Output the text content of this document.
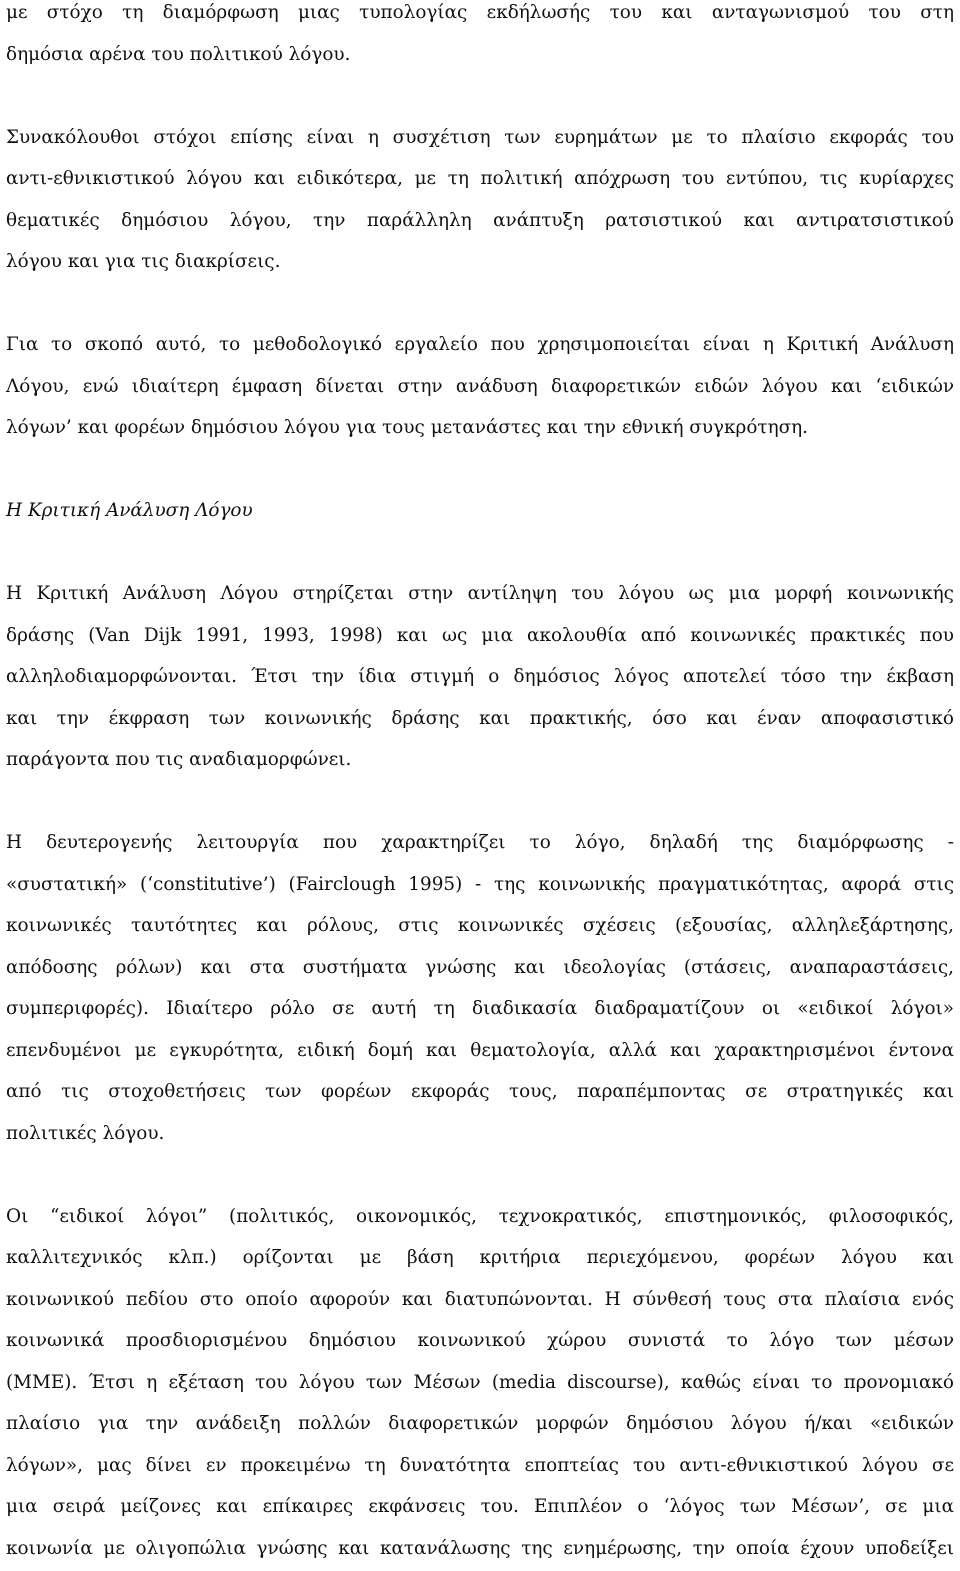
με στόχο τη διαμόρφωση μιας τυπολογίας εκδήλωσής του και ανταγωνισμού του στη
δημόσια αρένα του πολιτικού λόγου.

Συνακόλουθοι στόχοι επίσης είναι η συσχέτιση των ευρημάτων με το πλαίσιο εκφοράς του
αντι-εθνικιστικού λόγου και ειδικότερα, με τη πολιτική απόχρωση του εντύπου, τις κυρίαρχες
θεματικές δημόσιου λόγου, την παράλληλη ανάπτυξη ρατσιστικού και αντιρατσιστικού
λόγου και για τις διακρίσεις.

Για το σκοπό αυτό, το μεθοδολογικό εργαλείο που χρησιμοποιείται είναι η Κριτική Ανάλυση
Λόγου, ενώ ιδιαίτερη έμφαση δίνεται στην ανάδυση διαφορετικών ειδών λόγου και ‘ειδικών
λόγων’ και φορέων δημόσιου λόγου για τους μετανάστες και την εθνική συγκρότηση.

Η Κριτική Ανάλυση Λόγου

Η Κριτική Ανάλυση Λόγου στηρίζεται στην αντίληψη του λόγου ως μια μορφή κοινωνικής
δράσης (Van Dijk 1991, 1993, 1998) και ως μια ακολουθία από κοινωνικές πρακτικές που
αλληλοδιαμορφώνονται. Έτσι την ίδια στιγμή ο δημόσιος λόγος αποτελεί τόσο την έκβαση
και την έκφραση των κοινωνικής δράσης και πρακτικής, όσο και έναν αποφασιστικό
παράγοντα που τις αναδιαμορφώνει.

Η δευτερογενής λειτουργία που χαρακτηρίζει το λόγο, δηλαδή της διαμόρφωσης -
«συστατική» (‘constitutive’) (Fairclough 1995) - της κοινωνικής πραγματικότητας, αφορά στις
κοινωνικές ταυτότητες και ρόλους, στις κοινωνικές σχέσεις (εξουσίας, αλληλεξάρτησης,
απόδοσης ρόλων) και στα συστήματα γνώσης και ιδεολογίας (στάσεις, αναπαραστάσεις,
συμπεριφορές). Ιδιαίτερο ρόλο σε αυτή τη διαδικασία διαδραματίζουν οι «ειδικοί λόγοι»
επενδυμένοι με εγκυρότητα, ειδική δομή και θεματολογία, αλλά και χαρακτηρισμένοι έντονα
από τις στοχοθετήσεις των φορέων εκφοράς τους, παραπέμποντας σε στρατηγικές και
πολιτικές λόγου.

Οι “ειδικοί λόγοι” (πολιτικός, οικονομικός, τεχνοκρατικός, επιστημονικός, φιλοσοφικός,
καλλιτεχνικός κλπ.) ορίζονται με βάση κριτήρια περιεχόμενου, φορέων λόγου και
κοινωνικού πεδίου στο οποίο αφορούν και διατυπώνονται. Η σύνθεσή τους στα πλαίσια ενός
κοινωνικά προσδιορισμένου δημόσιου κοινωνικού χώρου συνιστά το λόγο των μέσων
(ΜΜΕ). Έτσι η εξέταση του λόγου των Μέσων (media discourse), καθώς είναι το προνομιακό
πλαίσιο για την ανάδειξη πολλών διαφορετικών μορφών δημόσιου λόγου ή/και «ειδικών
λόγων», μας δίνει εν προκειμένω τη δυνατότητα εποπτείας του αντι-εθνικιστικού λόγου σε
μια σειρά μείζονες και επίκαιρες εκφάνσεις του. Επιπλέον ο ‘λόγος των Μέσων’, σε μια
κοινωνία με ολιγοπώλια γνώσης και κατανάλωσης της ενημέρωσης, την οποία έχουν υποδείξει
